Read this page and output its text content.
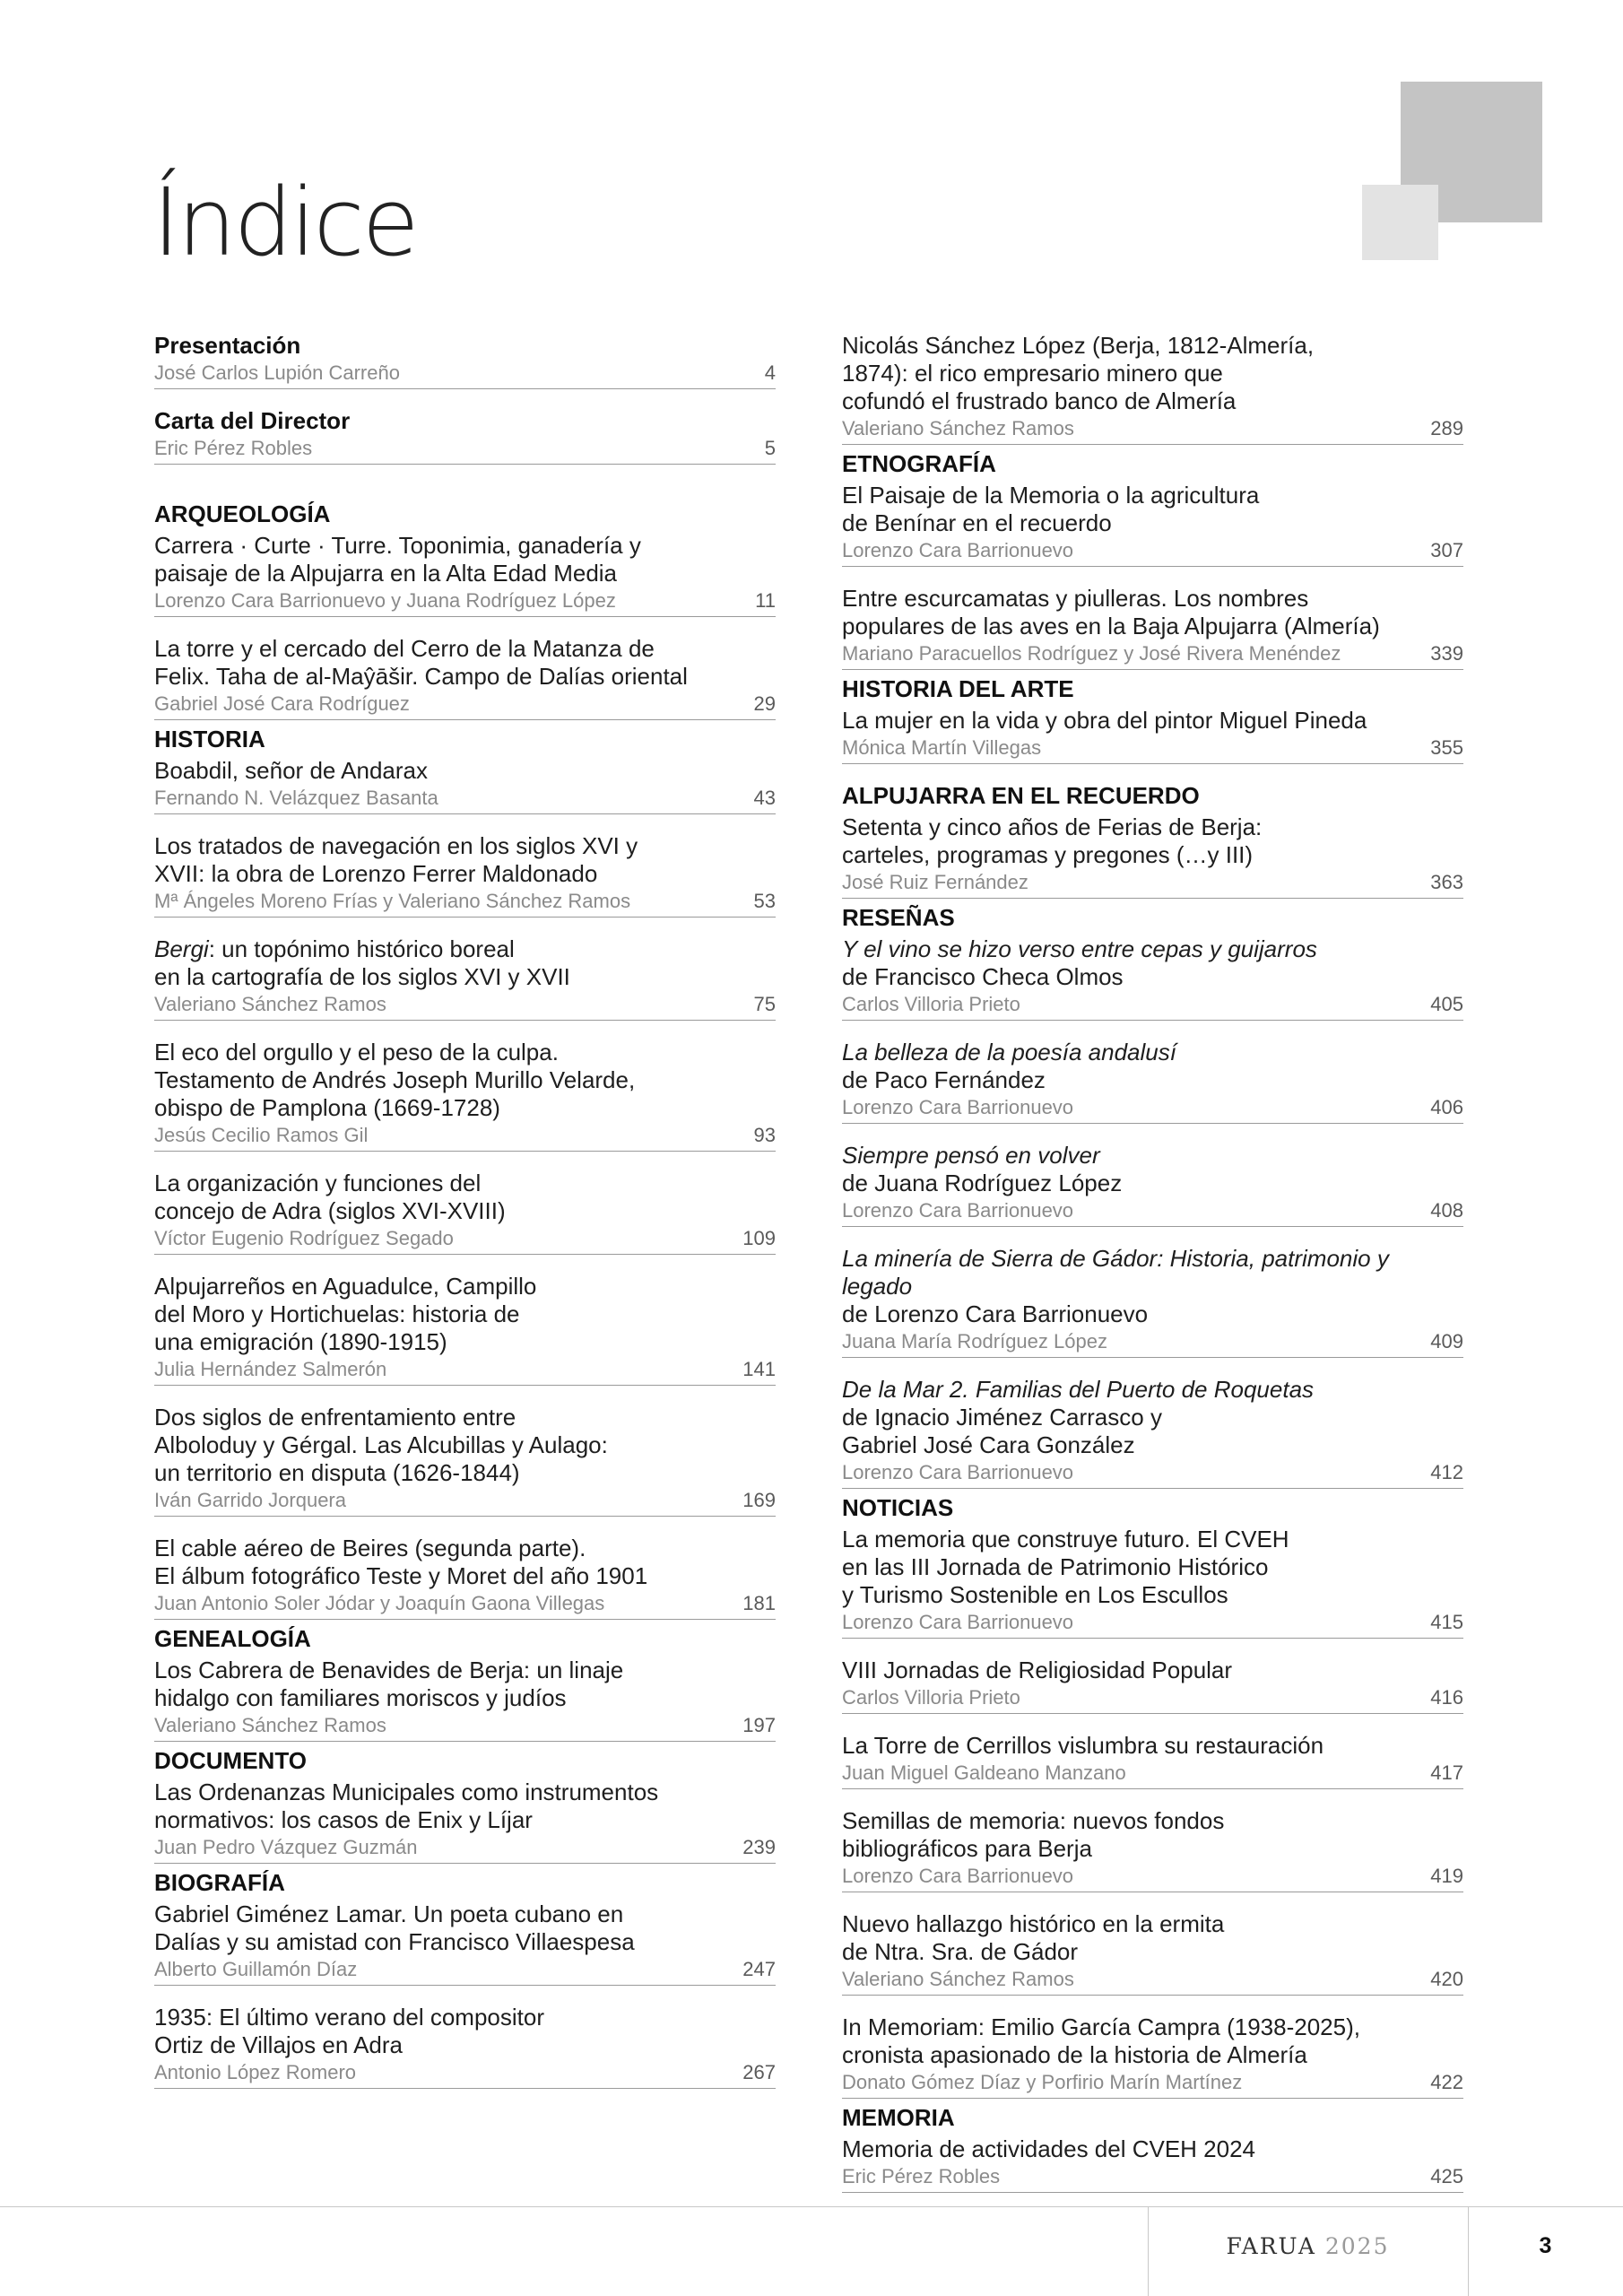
Índice
Presentación
José Carlos Lupión Carreño	4
Carta del Director
Eric Pérez Robles	5
ARQUEOLOGÍA
Carrera · Curte · Turre. Toponimia, ganadería y
paisaje de la Alpujarra en la Alta Edad Media
Lorenzo Cara Barrionuevo y Juana Rodríguez López	11
La torre y el cercado del Cerro de la Matanza de
Felix. Taha de al-Maŷāšir. Campo de Dalías oriental
Gabriel José Cara Rodríguez	29
HISTORIA
Boabdil, señor de Andarax
Fernando N. Velázquez Basanta	43
Los tratados de navegación en los siglos XVI y
XVII: la obra de Lorenzo Ferrer Maldonado
Mª Ángeles Moreno Frías y Valeriano Sánchez Ramos	53
Bergi: un topónimo histórico boreal
en la cartografía de los siglos XVI y XVII
Valeriano Sánchez Ramos	75
El eco del orgullo y el peso de la culpa.
Testamento de Andrés Joseph Murillo Velarde,
obispo de Pamplona (1669-1728)
Jesús Cecilio Ramos Gil	93
La organización y funciones del
concejo de Adra (siglos XVI-XVIII)
Víctor Eugenio Rodríguez Segado	109
Alpujarreños en Aguadulce, Campillo
del Moro y Hortichuelas: historia de
una emigración (1890-1915)
Julia Hernández Salmerón	141
Dos siglos de enfrentamiento entre
Alboloduy y Gérgal. Las Alcubillas y Aulago:
un territorio en disputa (1626-1844)
Iván Garrido Jorquera	169
El cable aéreo de Beires (segunda parte).
El álbum fotográfico Teste y Moret del año 1901
Juan Antonio Soler Jódar y Joaquín Gaona Villegas	181
GENEALOGÍA
Los Cabrera de Benavides de Berja: un linaje
hidalgo con familiares moriscos y judíos
Valeriano Sánchez Ramos	197
DOCUMENTO
Las Ordenanzas Municipales como instrumentos
normativos: los casos de Enix y Líjar
Juan Pedro Vázquez Guzmán	239
BIOGRAFÍA
Gabriel Giménez Lamar. Un poeta cubano en
Dalías y su amistad con Francisco Villaespesa
Alberto Guillamón Díaz	247
1935: El último verano del compositor
Ortiz de Villajos en Adra
Antonio López Romero	267
Nicolás Sánchez López (Berja, 1812-Almería,
1874): el rico empresario minero que
cofundó el frustrado banco de Almería
Valeriano Sánchez Ramos	289
ETNOGRAFÍA
El Paisaje de la Memoria o la agricultura
de Benínar en el recuerdo
Lorenzo Cara Barrionuevo	307
Entre escurcamatas y piulleras. Los nombres
populares de las aves en la Baja Alpujarra (Almería)
Mariano Paracuellos Rodríguez y José Rivera Menéndez	339
HISTORIA DEL ARTE
La mujer en la vida y obra del pintor Miguel Pineda
Mónica Martín Villegas	355
ALPUJARRA EN EL RECUERDO
Setenta y cinco años de Ferias de Berja:
carteles, programas y pregones (…y III)
José Ruiz Fernández	363
RESEÑAS
Y el vino se hizo verso entre cepas y guijarros
de Francisco Checa Olmos
Carlos Villoria Prieto	405
La belleza de la poesía andalusí
de Paco Fernández
Lorenzo Cara Barrionuevo	406
Siempre pensó en volver
de Juana Rodríguez López
Lorenzo Cara Barrionuevo	408
La minería de Sierra de Gádor: Historia, patrimonio y legado
de Lorenzo Cara Barrionuevo
Juana María Rodríguez López	409
De la Mar 2. Familias del Puerto de Roquetas
de Ignacio Jiménez Carrasco y
Gabriel José Cara González
Lorenzo Cara Barrionuevo	412
NOTICIAS
La memoria que construye futuro. El CVEH
en las III Jornada de Patrimonio Histórico
y Turismo Sostenible en Los Escullos
Lorenzo Cara Barrionuevo	415
VIII Jornadas de Religiosidad Popular
Carlos Villoria Prieto	416
La Torre de Cerrillos vislumbra su restauración
Juan Miguel Galdeano Manzano	417
Semillas de memoria: nuevos fondos
bibliográficos para Berja
Lorenzo Cara Barrionuevo	419
Nuevo hallazgo histórico en la ermita
de Ntra. Sra. de Gádor
Valeriano Sánchez Ramos	420
In Memoriam: Emilio García Campra (1938-2025),
cronista apasionado de la historia de Almería
Donato Gómez Díaz y Porfirio Marín Martínez	422
MEMORIA
Memoria de actividades del CVEH 2024
Eric Pérez Robles	425
FARUA 2025	3
